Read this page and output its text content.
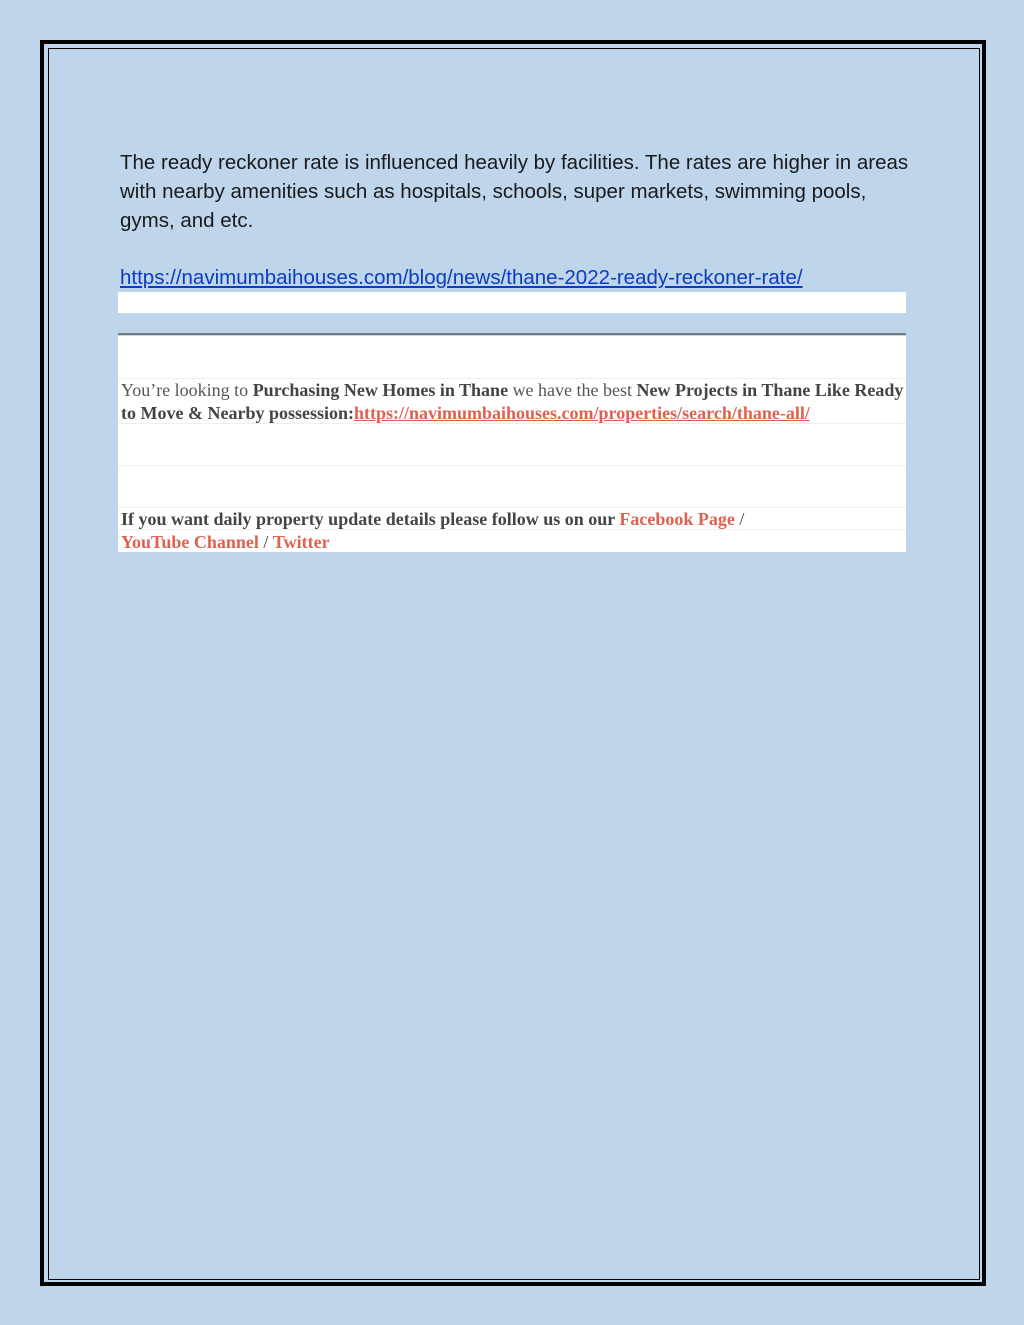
The ready reckoner rate is influenced heavily by facilities. The rates are higher in areas with nearby amenities such as hospitals, schools, super markets, swimming pools, gyms, and etc.

https://navimumbaihouses.com/blog/news/thane-2022-ready-reckoner-rate/

You’re looking to Purchasing New Homes in Thane we have the best New Projects in Thane Like Ready to Move & Nearby possession:https://navimumbaihouses.com/properties/search/thane-all/

If you want daily property update details please follow us on our Facebook Page / YouTube Channel / Twitter
